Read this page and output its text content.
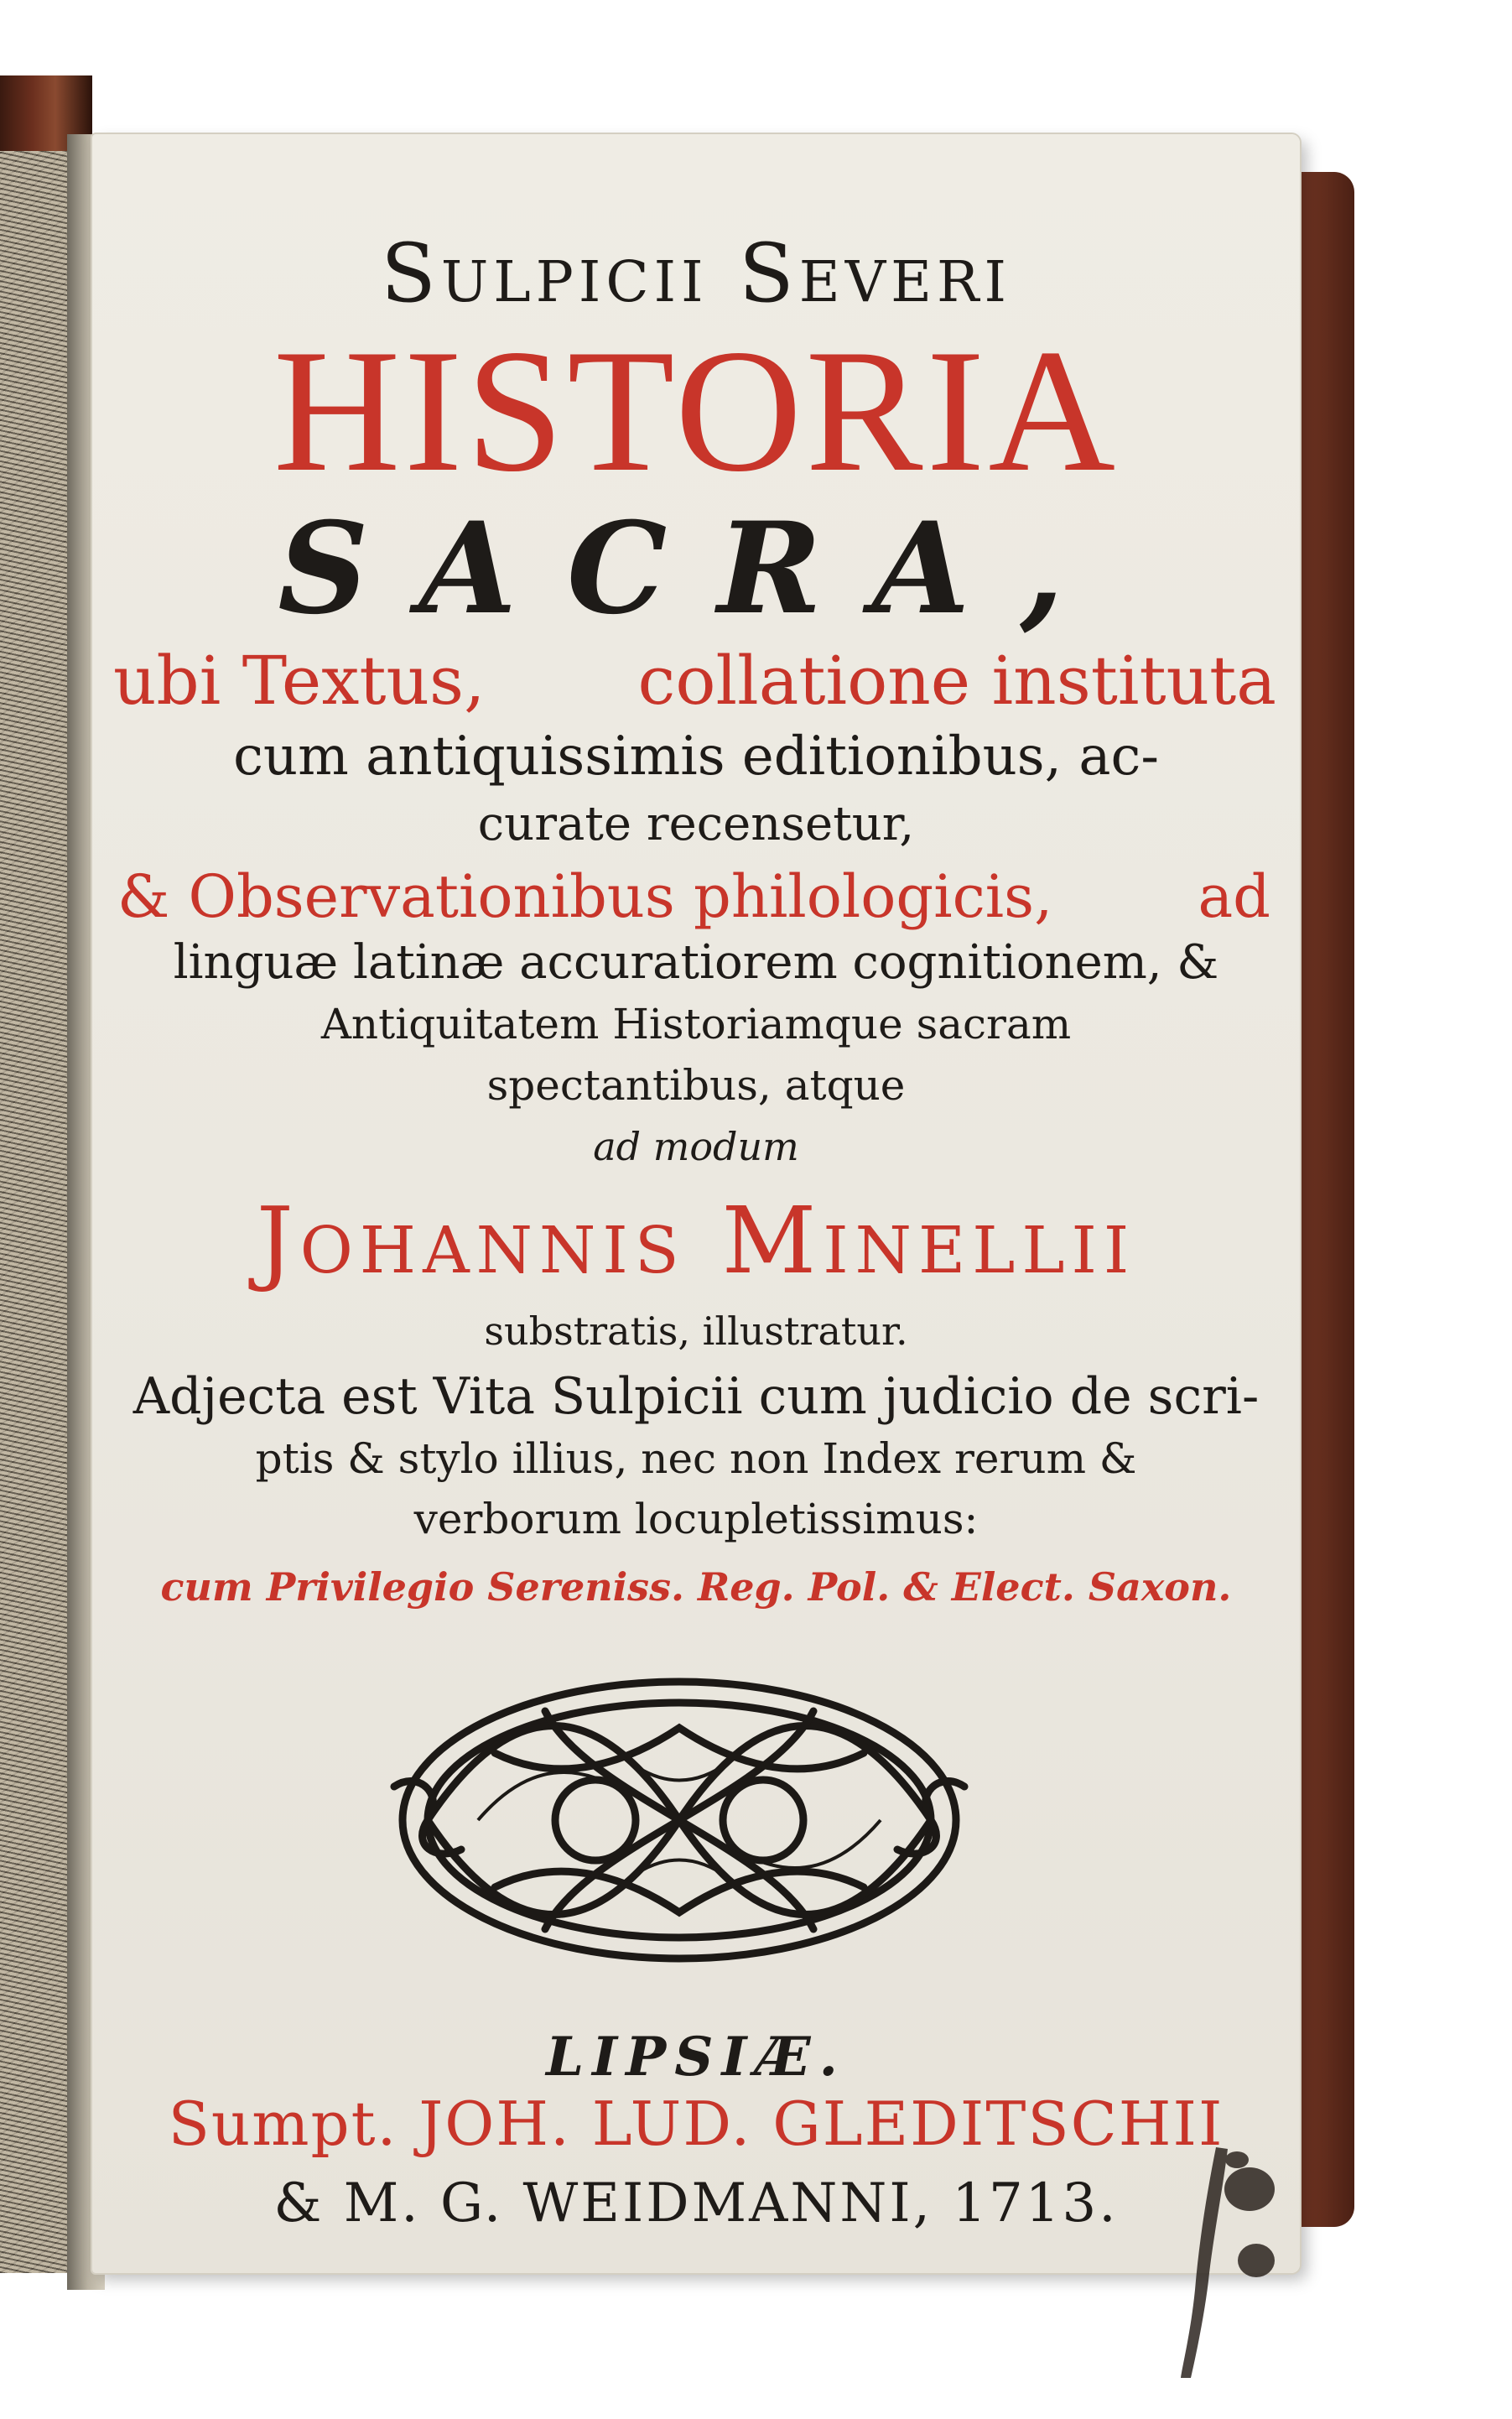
Sulpicii Severi
HISTORIA
SACRA,
ubi Textus, collatione instituta
cum antiquissimis editionibus, ac-
curate recensetur,
& Observationibus philologicis, ad
linguæ latinæ accuratiorem cognitionem, &
Antiquitatem Historiamque sacram
spectantibus, atque
ad modum
Johannis Minellii
substratis, illustratur.
Adjecta est Vita Sulpicii cum judicio de scri-
ptis & stylo illius, nec non Index rerum &
verborum locupletissimus:
cum Privilegio Sereniss. Reg. Pol. & Elect. Saxon.
LIPSIÆ.
Sumpt. JOH. LUD. GLEDITSCHII
& M. G. WEIDMANNI, 1713.
